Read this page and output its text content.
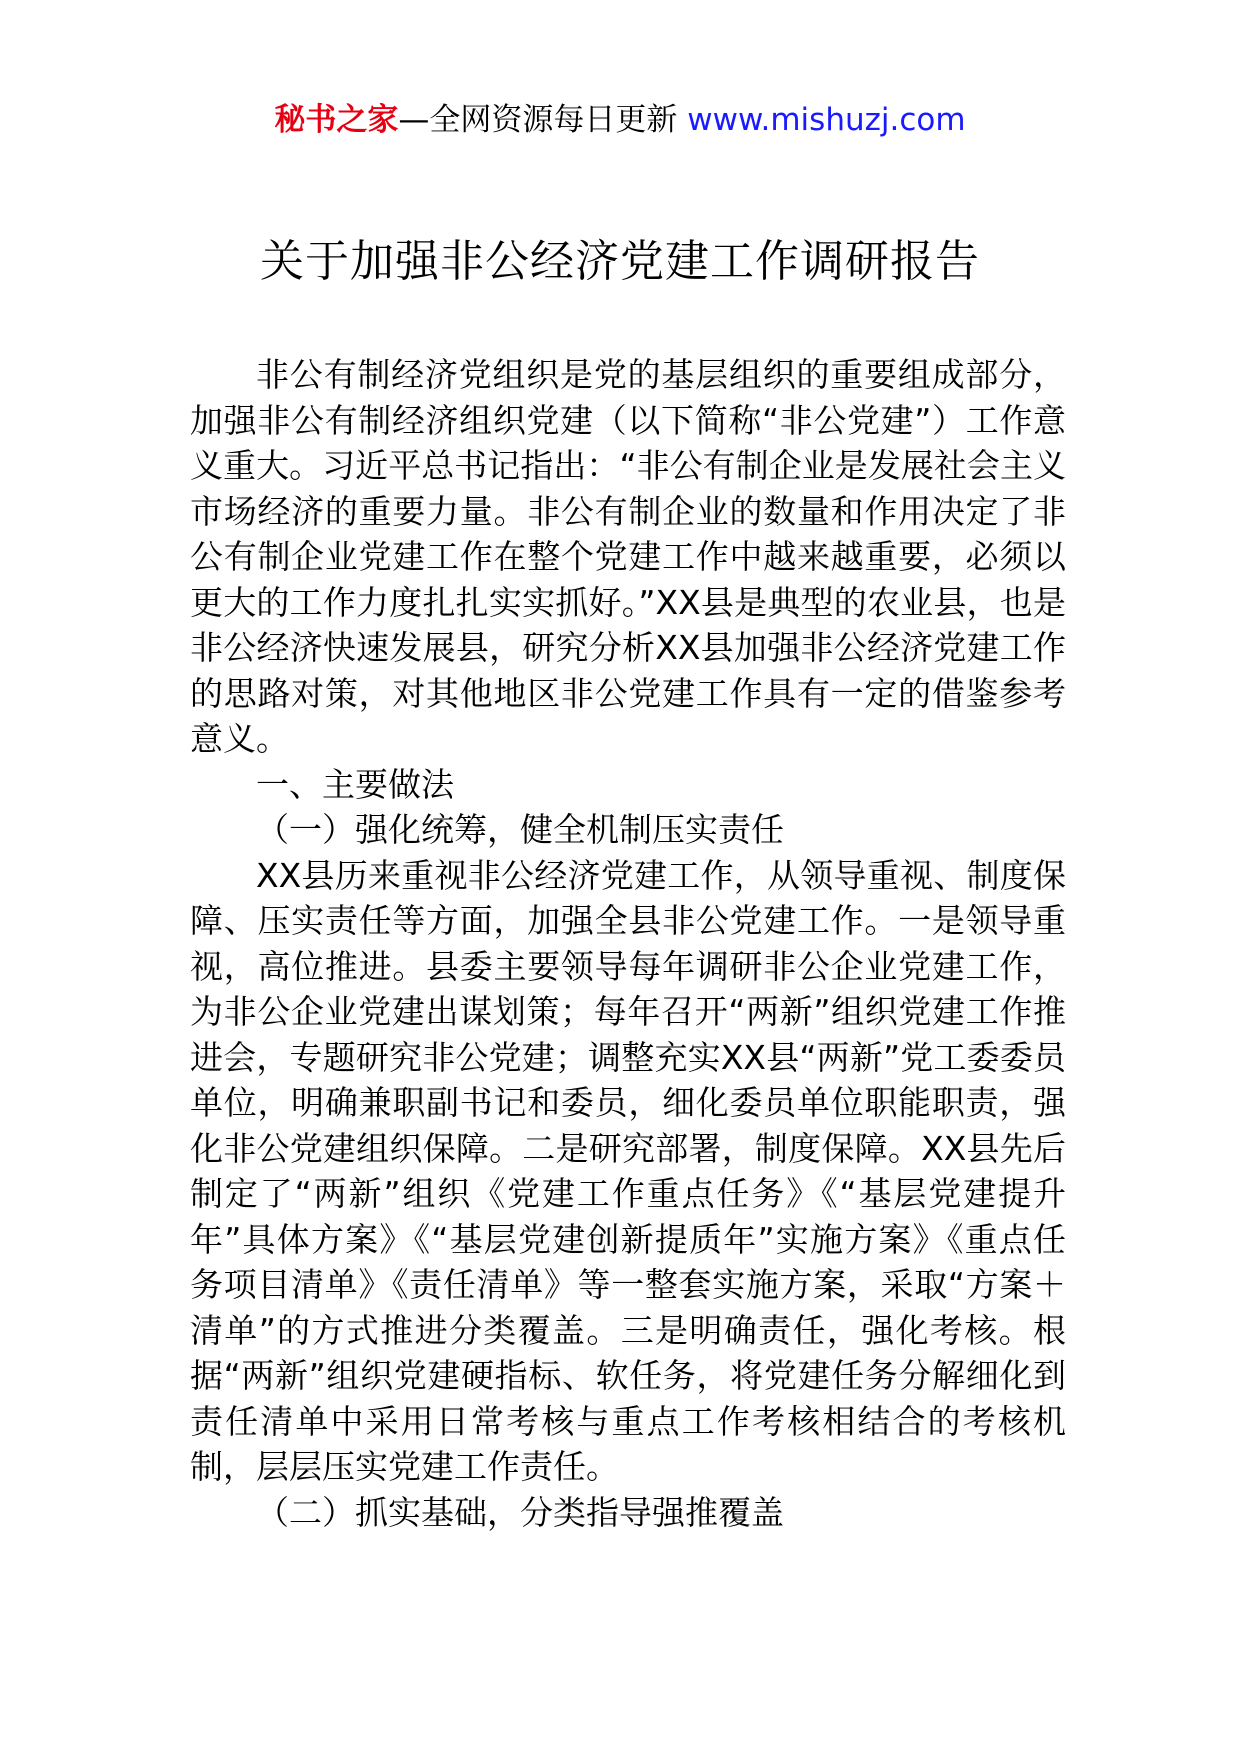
秘书之家—全网资源每日更新 www.mishuzj.com
关于加强非公经济党建工作调研报告

非公有制经济党组织是党的基层组织的重要组成部分，加强非公有制经济组织党建（以下简称“非公党建”）工作意义重大。习近平总书记指出：“非公有制企业是发展社会主义市场经济的重要力量。非公有制企业的数量和作用决定了非公有制企业党建工作在整个党建工作中越来越重要，必须以更大的工作力度扎扎实实抓好。”XX县是典型的农业县，也是非公经济快速发展县，研究分析XX县加强非公经济党建工作的思路对策，对其他地区非公党建工作具有一定的借鉴参考意义。

一、主要做法

（一）强化统筹，健全机制压实责任

XX县历来重视非公经济党建工作，从领导重视、制度保障、压实责任等方面，加强全县非公党建工作。一是领导重视，高位推进。县委主要领导每年调研非公企业党建工作，为非公企业党建出谋划策；每年召开“两新”组织党建工作推进会，专题研究非公党建；调整充实XX县“两新”党工委委员单位，明确兼职副书记和委员，细化委员单位职能职责，强化非公党建组织保障。二是研究部署，制度保障。XX县先后制定了“两新”组织《党建工作重点任务》《“基层党建提升年”具体方案》《“基层党建创新提质年”实施方案》《重点任务项目清单》《责任清单》等一整套实施方案，采取“方案＋清单”的方式推进分类覆盖。三是明确责任，强化考核。根据“两新”组织党建硬指标、软任务，将党建任务分解细化到责任清单中采用日常考核与重点工作考核相结合的考核机制，层层压实党建工作责任。

（二）抓实基础，分类指导强推覆盖
